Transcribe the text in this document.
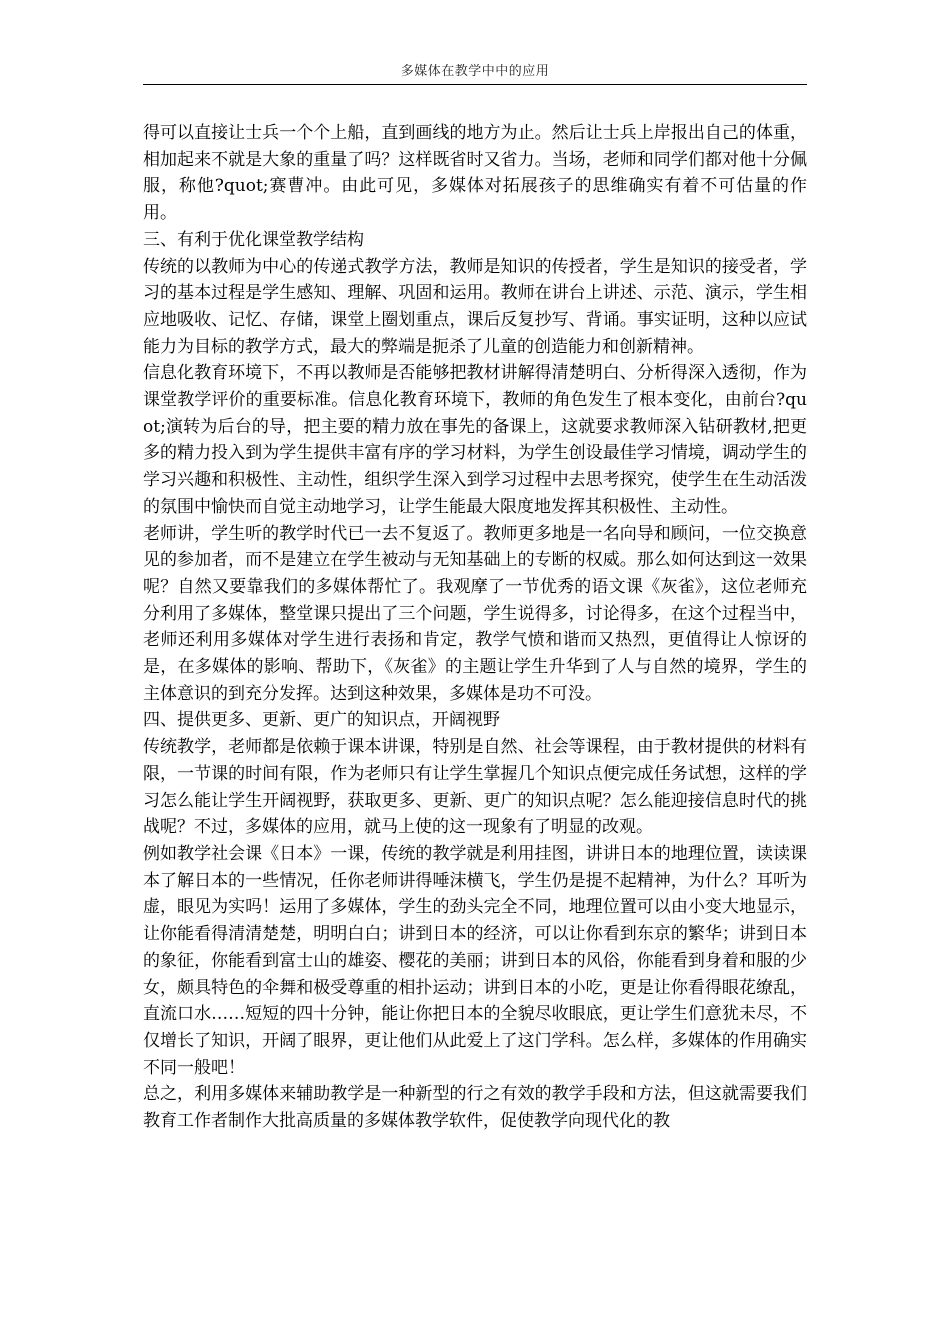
多媒体在教学中中的应用

得可以直接让士兵一个个上船，直到画线的地方为止。然后让士兵上岸报出自己的体重，相加起来不就是大象的重量了吗？这样既省时又省力。当场，老师和同学们都对他十分佩服，称他?quot;赛曹冲。由此可见，多媒体对拓展孩子的思维确实有着不可估量的作用。

三、有利于优化课堂教学结构

传统的以教师为中心的传递式教学方法，教师是知识的传授者，学生是知识的接受者，学习的基本过程是学生感知、理解、巩固和运用。教师在讲台上讲述、示范、演示，学生相应地吸收、记忆、存储，课堂上圈划重点，课后反复抄写、背诵。事实证明，这种以应试能力为目标的教学方式，最大的弊端是扼杀了儿童的创造能力和创新精神。

信息化教育环境下，不再以教师是否能够把教材讲解得清楚明白、分析得深入透彻，作为课堂教学评价的重要标准。信息化教育环境下，教师的角色发生了根本变化，由前台?quot;演转为后台的导，把主要的精力放在事先的备课上，这就要求教师深入钻研教材,把更多的精力投入到为学生提供丰富有序的学习材料，为学生创设最佳学习情境，调动学生的学习兴趣和积极性、主动性，组织学生深入到学习过程中去思考探究，使学生在生动活泼的氛围中愉快而自觉主动地学习，让学生能最大限度地发挥其积极性、主动性。

老师讲，学生听的教学时代已一去不复返了。教师更多地是一名向导和顾问，一位交换意见的参加者，而不是建立在学生被动与无知基础上的专断的权威。那么如何达到这一效果呢？自然又要靠我们的多媒体帮忙了。我观摩了一节优秀的语文课《灰雀》，这位老师充分利用了多媒体，整堂课只提出了三个问题，学生说得多，讨论得多，在这个过程当中，老师还利用多媒体对学生进行表扬和肯定，教学气愤和谐而又热烈，更值得让人惊讶的是，在多媒体的影响、帮助下，《灰雀》的主题让学生升华到了人与自然的境界，学生的主体意识的到充分发挥。达到这种效果，多媒体是功不可没。

四、提供更多、更新、更广的知识点，开阔视野

传统教学，老师都是依赖于课本讲课，特别是自然、社会等课程，由于教材提供的材料有限，一节课的时间有限，作为老师只有让学生掌握几个知识点便完成任务试想，这样的学习怎么能让学生开阔视野，获取更多、更新、更广的知识点呢？怎么能迎接信息时代的挑战呢？不过，多媒体的应用，就马上使的这一现象有了明显的改观。

例如教学社会课《日本》一课，传统的教学就是利用挂图，讲讲日本的地理位置，读读课本了解日本的一些情况，任你老师讲得唾沫横飞，学生仍是提不起精神，为什么？耳听为虚，眼见为实吗！运用了多媒体，学生的劲头完全不同，地理位置可以由小变大地显示，让你能看得清清楚楚，明明白白；讲到日本的经济，可以让你看到东京的繁华；讲到日本的象征，你能看到富士山的雄姿、樱花的美丽；讲到日本的风俗，你能看到身着和服的少女，颇具特色的伞舞和极受尊重的相扑运动；讲到日本的小吃，更是让你看得眼花缭乱，直流口水……短短的四十分钟，能让你把日本的全貌尽收眼底，更让学生们意犹未尽，不仅增长了知识，开阔了眼界，更让他们从此爱上了这门学科。怎么样，多媒体的作用确实不同一般吧！

总之，利用多媒体来辅助教学是一种新型的行之有效的教学手段和方法，但这就需要我们教育工作者制作大批高质量的多媒体教学软件，促使教学向现代化的教
